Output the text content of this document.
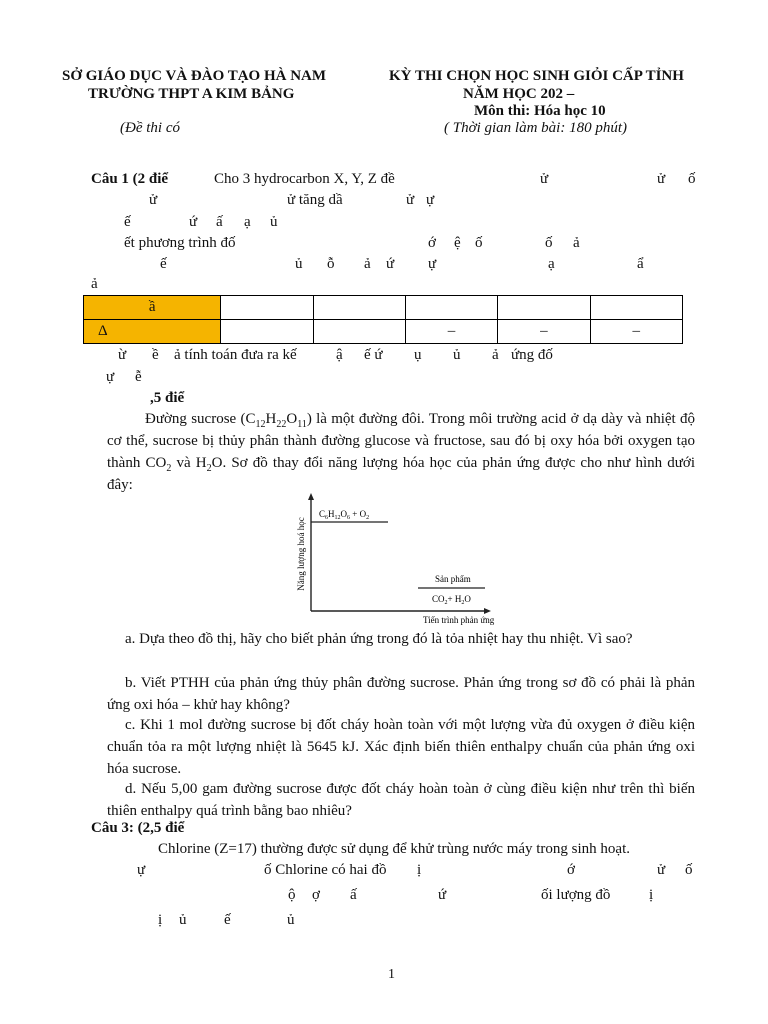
SỞ GIÁO DỤC VÀ ĐÀO TẠO HÀ NAM
TRƯỜNG THPT A KIM BẢNG
(Đề thi có
KỲ THI CHỌN HỌC SINH GIỎI CẤP TỈNH
NĂM HỌC 202 –
Môn thi: Hóa học 10
( Thời gian làm bài: 180 phút)
Câu 1 (2 điể	Cho 3 hydrocarbon X, Y, Z đề	ử	ử ố
ử	ử tăng dầ	ử ự
ế	ứ ấ ạ ủ
ết phương trình đố	ớ ệ ố	ố ả
ế	ủ ỗ ả ứ ự	ạ	ẩ
ả
ầ					
Δ			–	–	–
ừ ề ả tính toán đưa ra kế	ậ ế ứ ụ ủ ả ứng đố
ự ễ
,5 điể
Đường sucrose $(C_{12}H_{22}O_{11})$ là một đường đôi. Trong môi trường acid ở dạ dày và nhiệt độ cơ thể, sucrose bị thủy phân thành đường glucose và fructose, sau đó bị oxy hóa bởi oxygen tạo thành $CO_2$ và $H_2O$. Sơ đồ thay đổi năng lượng hóa học của phản ứng được cho như hình dưới đây:
Năng lượng hoá học
Tiến trình phản ứng
$C_6H_{12}O_6 + O_2$
Sản phẩm
$CO_2+ H_2O$
a. Dựa theo đồ thị, hãy cho biết phản ứng trong đó là tỏa nhiệt hay thu nhiệt. Vì sao?
b. Viết PTHH của phản ứng thủy phân đường sucrose. Phản ứng trong sơ đồ có phải là phản ứng oxi hóa – khử hay không?
c. Khi 1 mol đường sucrose bị đốt cháy hoàn toàn với một lượng vừa đủ oxygen ở điều kiện chuẩn tỏa ra một lượng nhiệt là 5645 kJ. Xác định biến thiên enthalpy chuẩn của phản ứng oxi hóa sucrose.
d. Nếu 5,00 gam đường sucrose được đốt cháy hoàn toàn ở cùng điều kiện như trên thì biến thiên enthalpy quá trình bằng bao nhiêu?
Câu 3: (2,5 điể
Chlorine (Z=17) thường được sử dụng để khử trùng nước máy trong sinh hoạt.
ự	ố Chlorine có hai đồ ị	ớ	ử ố
ộ ợ ấ	ứ	ối lượng đồ	ị
ị ủ	ế	ủ
1
